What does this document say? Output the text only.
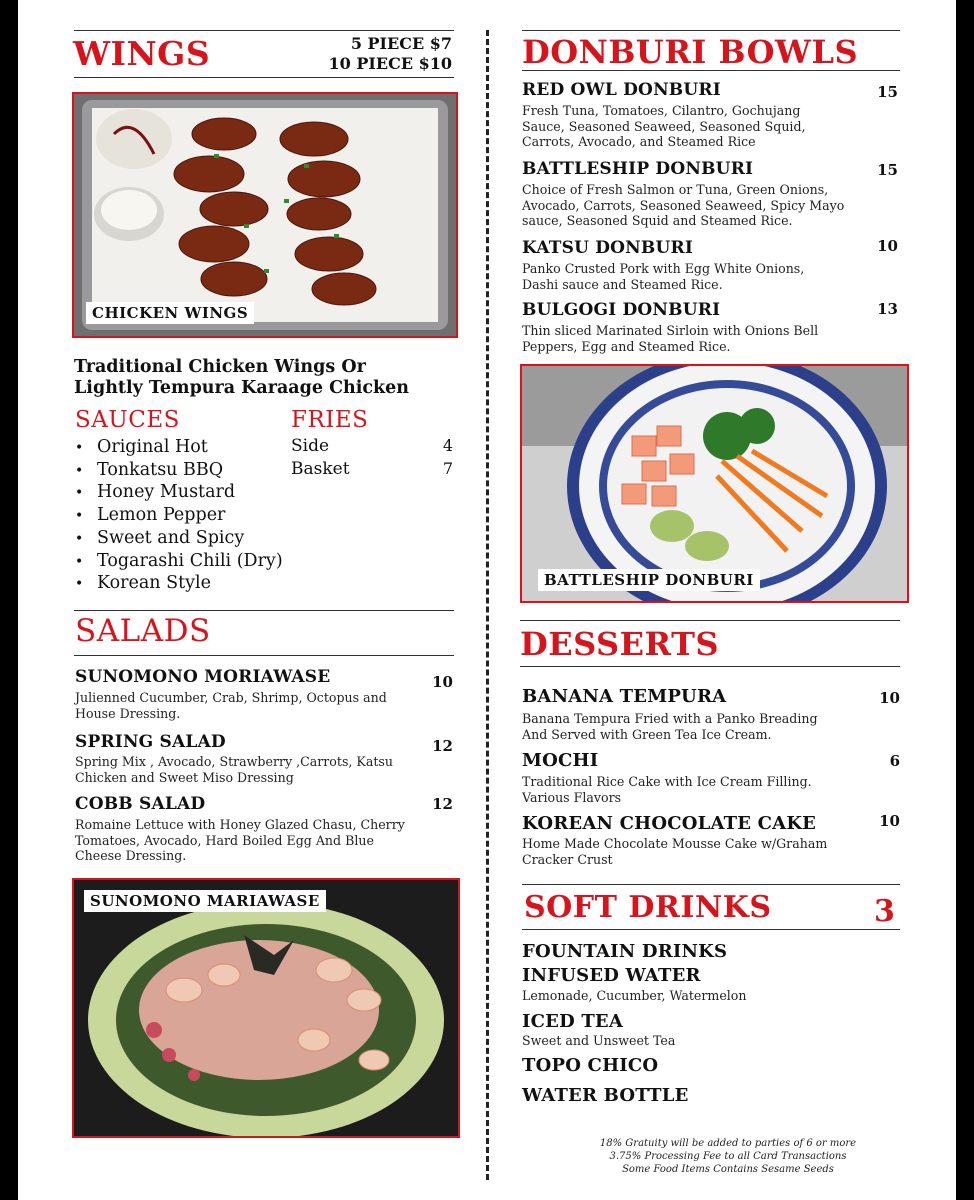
WINGS	5 PIECE $7
10 PIECE $10
CHICKEN WINGS
Traditional Chicken Wings Or Lightly Tempura Karaage Chicken
SAUCES
• Original Hot
• Tonkatsu BBQ
• Honey Mustard
• Lemon Pepper
• Sweet and Spicy
• Togarashi Chili (Dry)
• Korean Style
FRIES
Side	4
Basket	7
SALADS
SUNOMONO MORIAWASE	10
Julienned Cucumber, Crab, Shrimp, Octopus and House Dressing.
SPRING SALAD	12
Spring Mix , Avocado, Strawberry ,Carrots, Katsu Chicken and Sweet Miso Dressing
COBB SALAD	12
Romaine Lettuce with Honey Glazed Chasu, Cherry Tomatoes, Avocado, Hard Boiled Egg And Blue Cheese Dressing.
SUNOMONO MARIAWASE
DONBURI BOWLS
RED OWL DONBURI	15
Fresh Tuna, Tomatoes, Cilantro, Gochujang Sauce, Seasoned Seaweed, Seasoned Squid, Carrots, Avocado, and Steamed Rice
BATTLESHIP DONBURI	15
Choice of Fresh Salmon or Tuna, Green Onions, Avocado, Carrots, Seasoned Seaweed, Spicy Mayo sauce, Seasoned Squid and Steamed Rice.
KATSU DONBURI	10
Panko Crusted Pork with Egg White Onions, Dashi sauce and Steamed Rice.
BULGOGI DONBURI	13
Thin sliced Marinated Sirloin with Onions Bell Peppers, Egg and Steamed Rice.
BATTLESHIP DONBURI
DESSERTS
BANANA TEMPURA	10
Banana Tempura Fried with a Panko Breading And Served with Green Tea Ice Cream.
MOCHI	6
Traditional Rice Cake with Ice Cream Filling. Various Flavors
KOREAN CHOCOLATE CAKE	10
Home Made Chocolate Mousse Cake w/Graham Cracker Crust
SOFT DRINKS	3
FOUNTAIN DRINKS
INFUSED WATER
Lemonade, Cucumber, Watermelon
ICED TEA
Sweet and Unsweet Tea
TOPO CHICO
WATER BOTTLE
18% Gratuity will be added to parties of 6 or more
3.75% Processing Fee to all Card Transactions
Some Food Items Contains Sesame Seeds
